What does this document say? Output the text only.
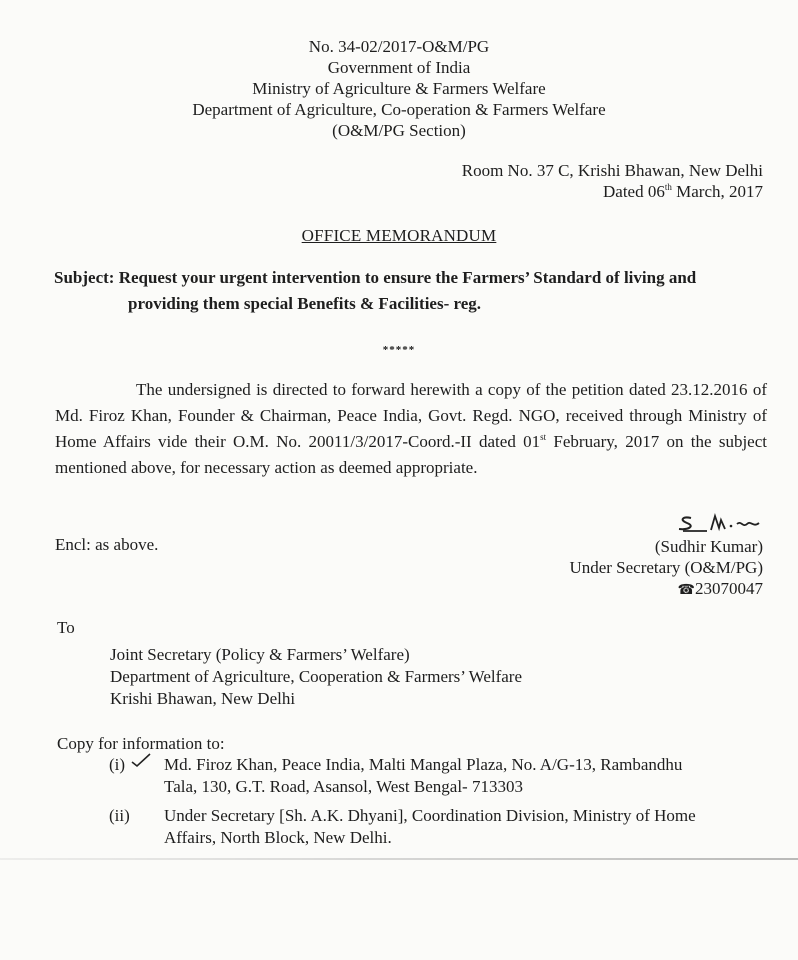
No. 34-02/2017-O&M/PG
Government of India
Ministry of Agriculture & Farmers Welfare
Department of Agriculture, Co-operation & Farmers Welfare
(O&M/PG Section)
Room No. 37 C, Krishi Bhawan, New Delhi
Dated 06th March, 2017
OFFICE MEMORANDUM
Subject: Request your urgent intervention to ensure the Farmers’ Standard of living and
providing them special Benefits & Facilities- reg.
*****
The undersigned is directed to forward herewith a copy of the petition dated 23.12.2016 of Md. Firoz Khan, Founder & Chairman, Peace India, Govt. Regd. NGO, received through Ministry of Home Affairs vide their O.M. No. 20011/3/2017-Coord.-II dated 01st February, 2017 on the subject mentioned above, for necessary action as deemed appropriate.
Encl: as above.	(Sudhir Kumar)
Under Secretary (O&M/PG)
☎23070047
To
Joint Secretary (Policy & Farmers’ Welfare)
Department of Agriculture, Cooperation & Farmers’ Welfare
Krishi Bhawan, New Delhi
Copy for information to:
(i) Md. Firoz Khan, Peace India, Malti Mangal Plaza, No. A/G-13, Rambandhu
Tala, 130, G.T. Road, Asansol, West Bengal- 713303
(ii) Under Secretary [Sh. A.K. Dhyani], Coordination Division, Ministry of Home
Affairs, North Block, New Delhi.
